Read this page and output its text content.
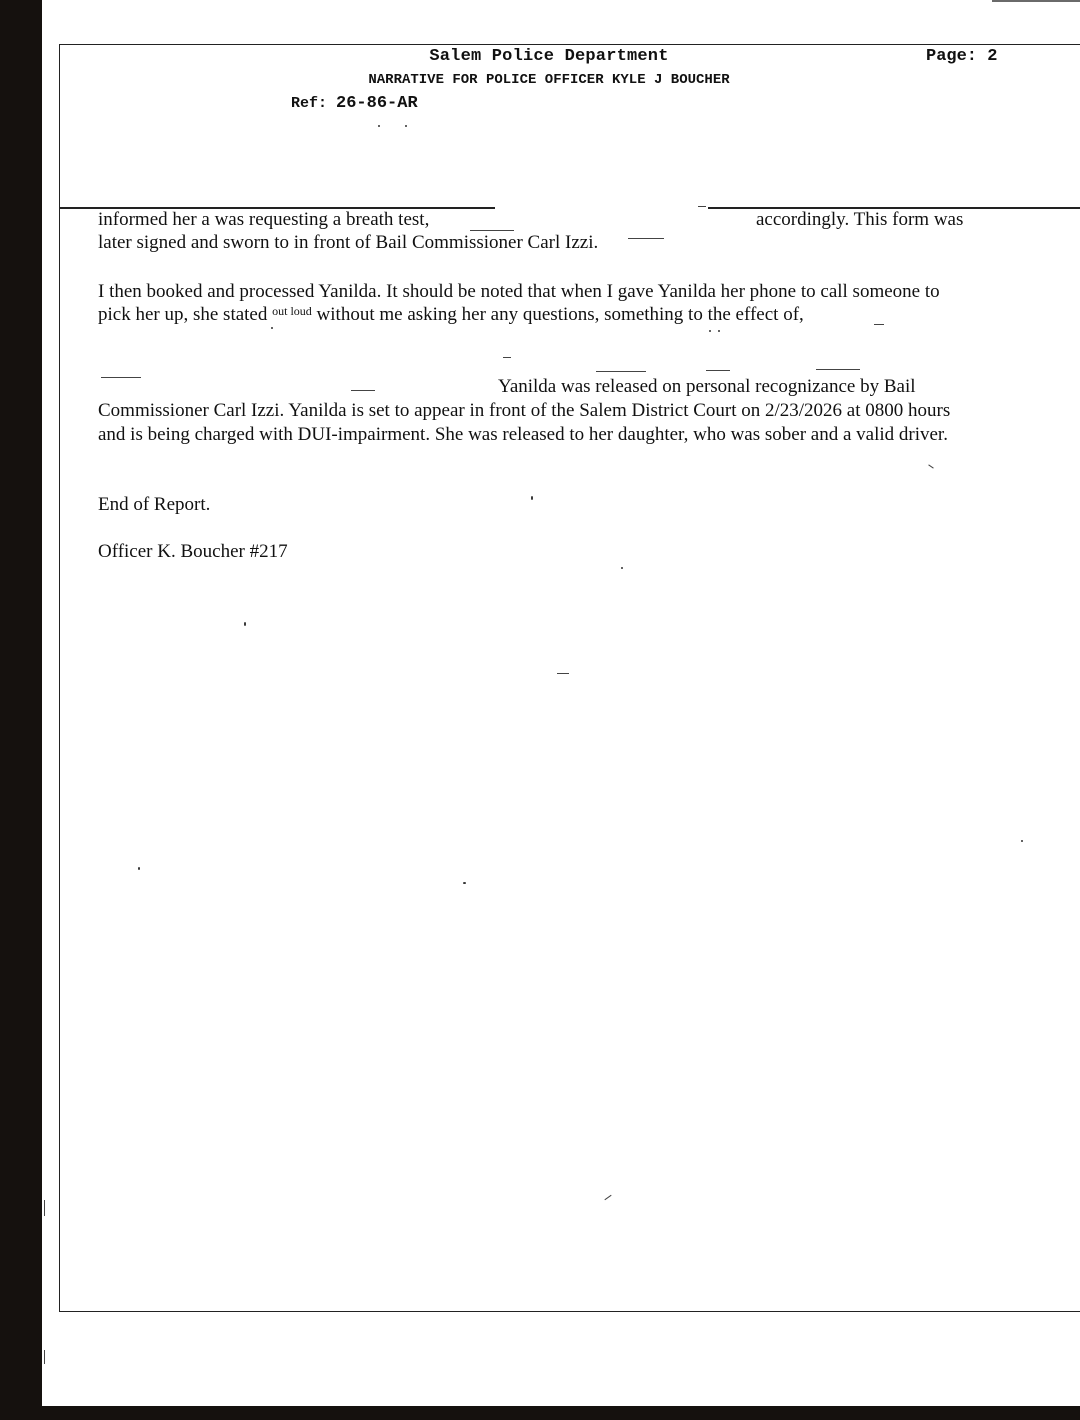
Salem Police Department	Page: 2
NARRATIVE FOR POLICE OFFICER KYLE J BOUCHER
Ref: 26-86-AR
informed her a was requesting a breath test,	accordingly. This form was
later signed and sworn to in front of Bail Commissioner Carl Izzi.
I then booked and processed Yanilda. It should be noted that when I gave Yanilda her phone to call someone to
pick her up, she stated $^{out loud}$ without me asking her any questions, something to the effect of,
Yanilda was released on personal recognizance by Bail
Commissioner Carl Izzi. Yanilda is set to appear in front of the Salem District Court on 2/23/2026 at 0800 hours
and is being charged with DUI-impairment. She was released to her daughter, who was sober and a valid driver.
End of Report.
Officer K. Boucher #217
